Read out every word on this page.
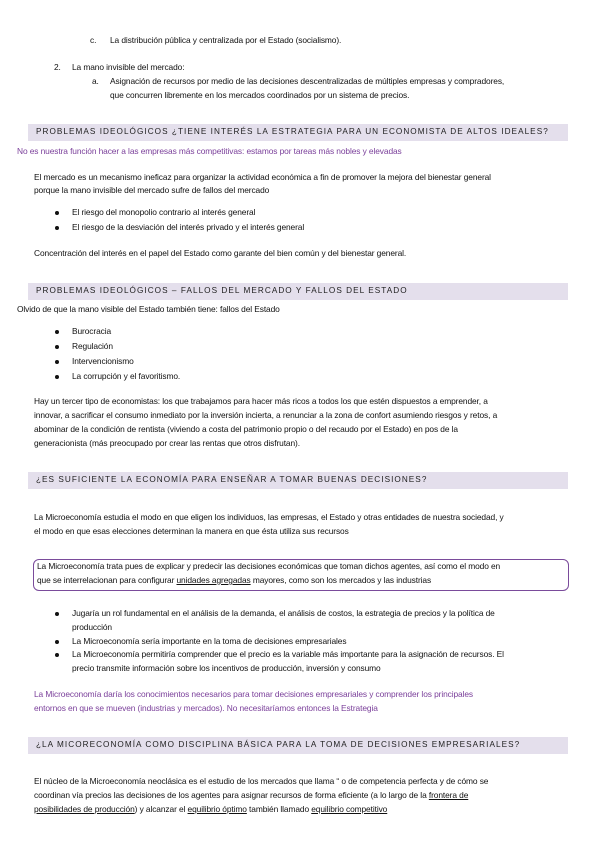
c. La distribución pública y centralizada por el Estado (socialismo).
2. La mano invisible del mercado:
a. Asignación de recursos por medio de las decisiones descentralizadas de múltiples empresas y compradores,
que concurren libremente en los mercados coordinados por un sistema de precios.
PROBLEMAS IDEOLÓGICOS ¿TIENE INTERÉS LA ESTRATEGIA PARA UN ECONOMISTA DE ALTOS IDEALES?
No es nuestra función hacer a las empresas más competitivas: estamos por tareas más nobles y elevadas
El mercado es un mecanismo ineficaz para organizar la actividad económica a fin de promover la mejora del bienestar general
porque la mano invisible del mercado sufre de fallos del mercado
El riesgo del monopolio contrario al interés general
El riesgo de la desviación del interés privado y el interés general
Concentración del interés en el papel del Estado como garante del bien común y del bienestar general.
PROBLEMAS IDEOLÓGICOS – FALLOS DEL MERCADO Y FALLOS DEL ESTADO
Olvido de que la mano visible del Estado también tiene: fallos del Estado
Burocracia
Regulación
Intervencionismo
La corrupción y el favoritismo.
Hay un tercer tipo de economistas: los que trabajamos para hacer más ricos a todos los que estén dispuestos a emprender, a
innovar, a sacrificar el consumo inmediato por la inversión incierta, a renunciar a la zona de confort asumiendo riesgos y retos, a
abominar de la condición de rentista (viviendo a costa del patrimonio propio o del recaudo por el Estado) en pos de la
generacionista (más preocupado por crear las rentas que otros disfrutan).
¿ES SUFICIENTE LA ECONOMÍA PARA ENSEÑAR A TOMAR BUENAS DECISIONES?
La Microeconomía estudia el modo en que eligen los individuos, las empresas, el Estado y otras entidades de nuestra sociedad, y
el modo en que esas elecciones determinan la manera en que ésta utiliza sus recursos
La Microeconomía trata pues de explicar y predecir las decisiones económicas que toman dichos agentes, así como el modo en
que se interrelacionan para configurar unidades agregadas mayores, como son los mercados y las industrias
Jugaría un rol fundamental en el análisis de la demanda, el análisis de costos, la estrategia de precios y la política de
producción
La Microeconomía sería importante en la toma de decisiones empresariales
La Microeconomía permitiría comprender que el precio es la variable más importante para la asignación de recursos. El
precio transmite información sobre los incentivos de producción, inversión y consumo
La Microeconomía daría los conocimientos necesarios para tomar decisiones empresariales y comprender los principales
entornos en que se mueven (industrias y mercados). No necesitaríamos entonces la Estrategia
¿LA MICORECONOMÍA COMO DISCIPLINA BÁSICA PARA LA TOMA DE DECISIONES EMPRESARIALES?
El núcleo de la Microeconomía neoclásica es el estudio de los mercados que llama “ o de competencia perfecta y de cómo se
coordinan vía precios las decisiones de los agentes para asignar recursos de forma eficiente (a lo largo de la frontera de
posibilidades de producción) y alcanzar el equilibrio óptimo también llamado equilibrio competitivo
